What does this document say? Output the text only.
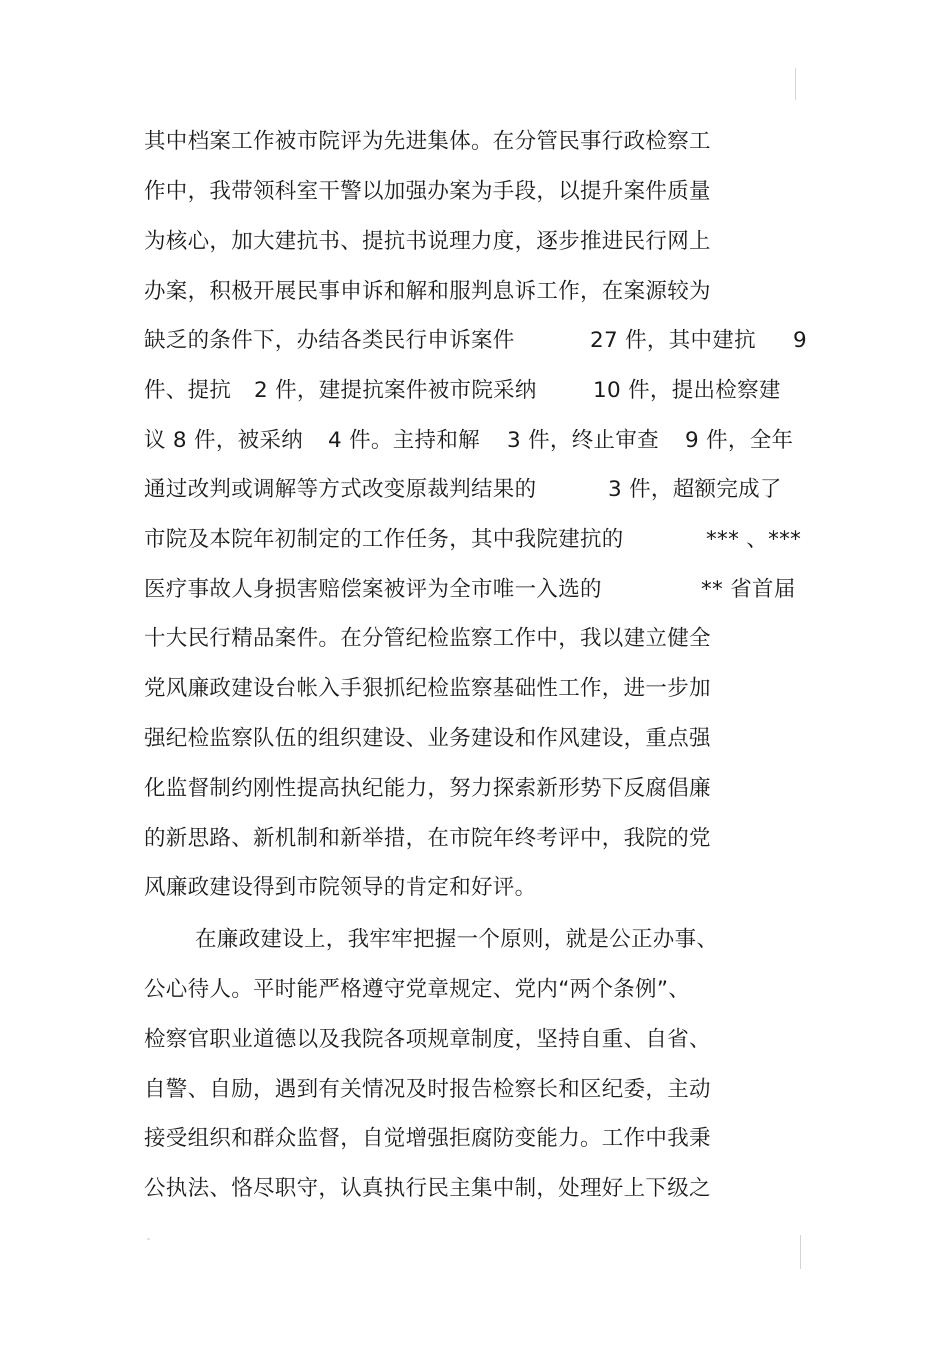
其中档案工作被市院评为先进集体。在分管民事行政检察工
作中，我带领科室干警以加强办案为手段，以提升案件质量
为核心，加大建抗书、提抗书说理力度，逐步推进民行网上
办案，积极开展民事申诉和解和服判息诉工作，在案源较为

缺乏的条件下，办结各类民行申诉案件

	27 件，其中建抗

9

件、提抗

2 件，建提抗案件被市院采纳

	10 件，提出检察建

议 8 件，被采纳

4 件。主持和解

3 件，终止审查

9 件，全年

通过改判或调解等方式改变原裁判结果的

	3 件，超额完成了

市院及本院年初制定的工作任务，其中我院建抗的

	*** 、***

医疗事故人身损害赔偿案被评为全市唯一入选的

	** 省首届

十大民行精品案件。在分管纪检监察工作中，我以建立健全
党风廉政建设台帐入手狠抓纪检监察基础性工作，进一步加
强纪检监察队伍的组织建设、业务建设和作风建设，重点强
化监督制约刚性提高执纪能力，努力探索新形势下反腐倡廉
的新思路、新机制和新举措，在市院年终考评中，我院的党
风廉政建设得到市院领导的肯定和好评。
在廉政建设上，我牢牢把握一个原则，就是公正办事、
公心待人。平时能严格遵守党章规定、党内“两个条例”、
检察官职业道德以及我院各项规章制度，坚持自重、自省、
自警、自励，遇到有关情况及时报告检察长和区纪委，主动
接受组织和群众监督，自觉增强拒腐防变能力。工作中我秉
公执法、恪尽职守，认真执行民主集中制，处理好上下级之
